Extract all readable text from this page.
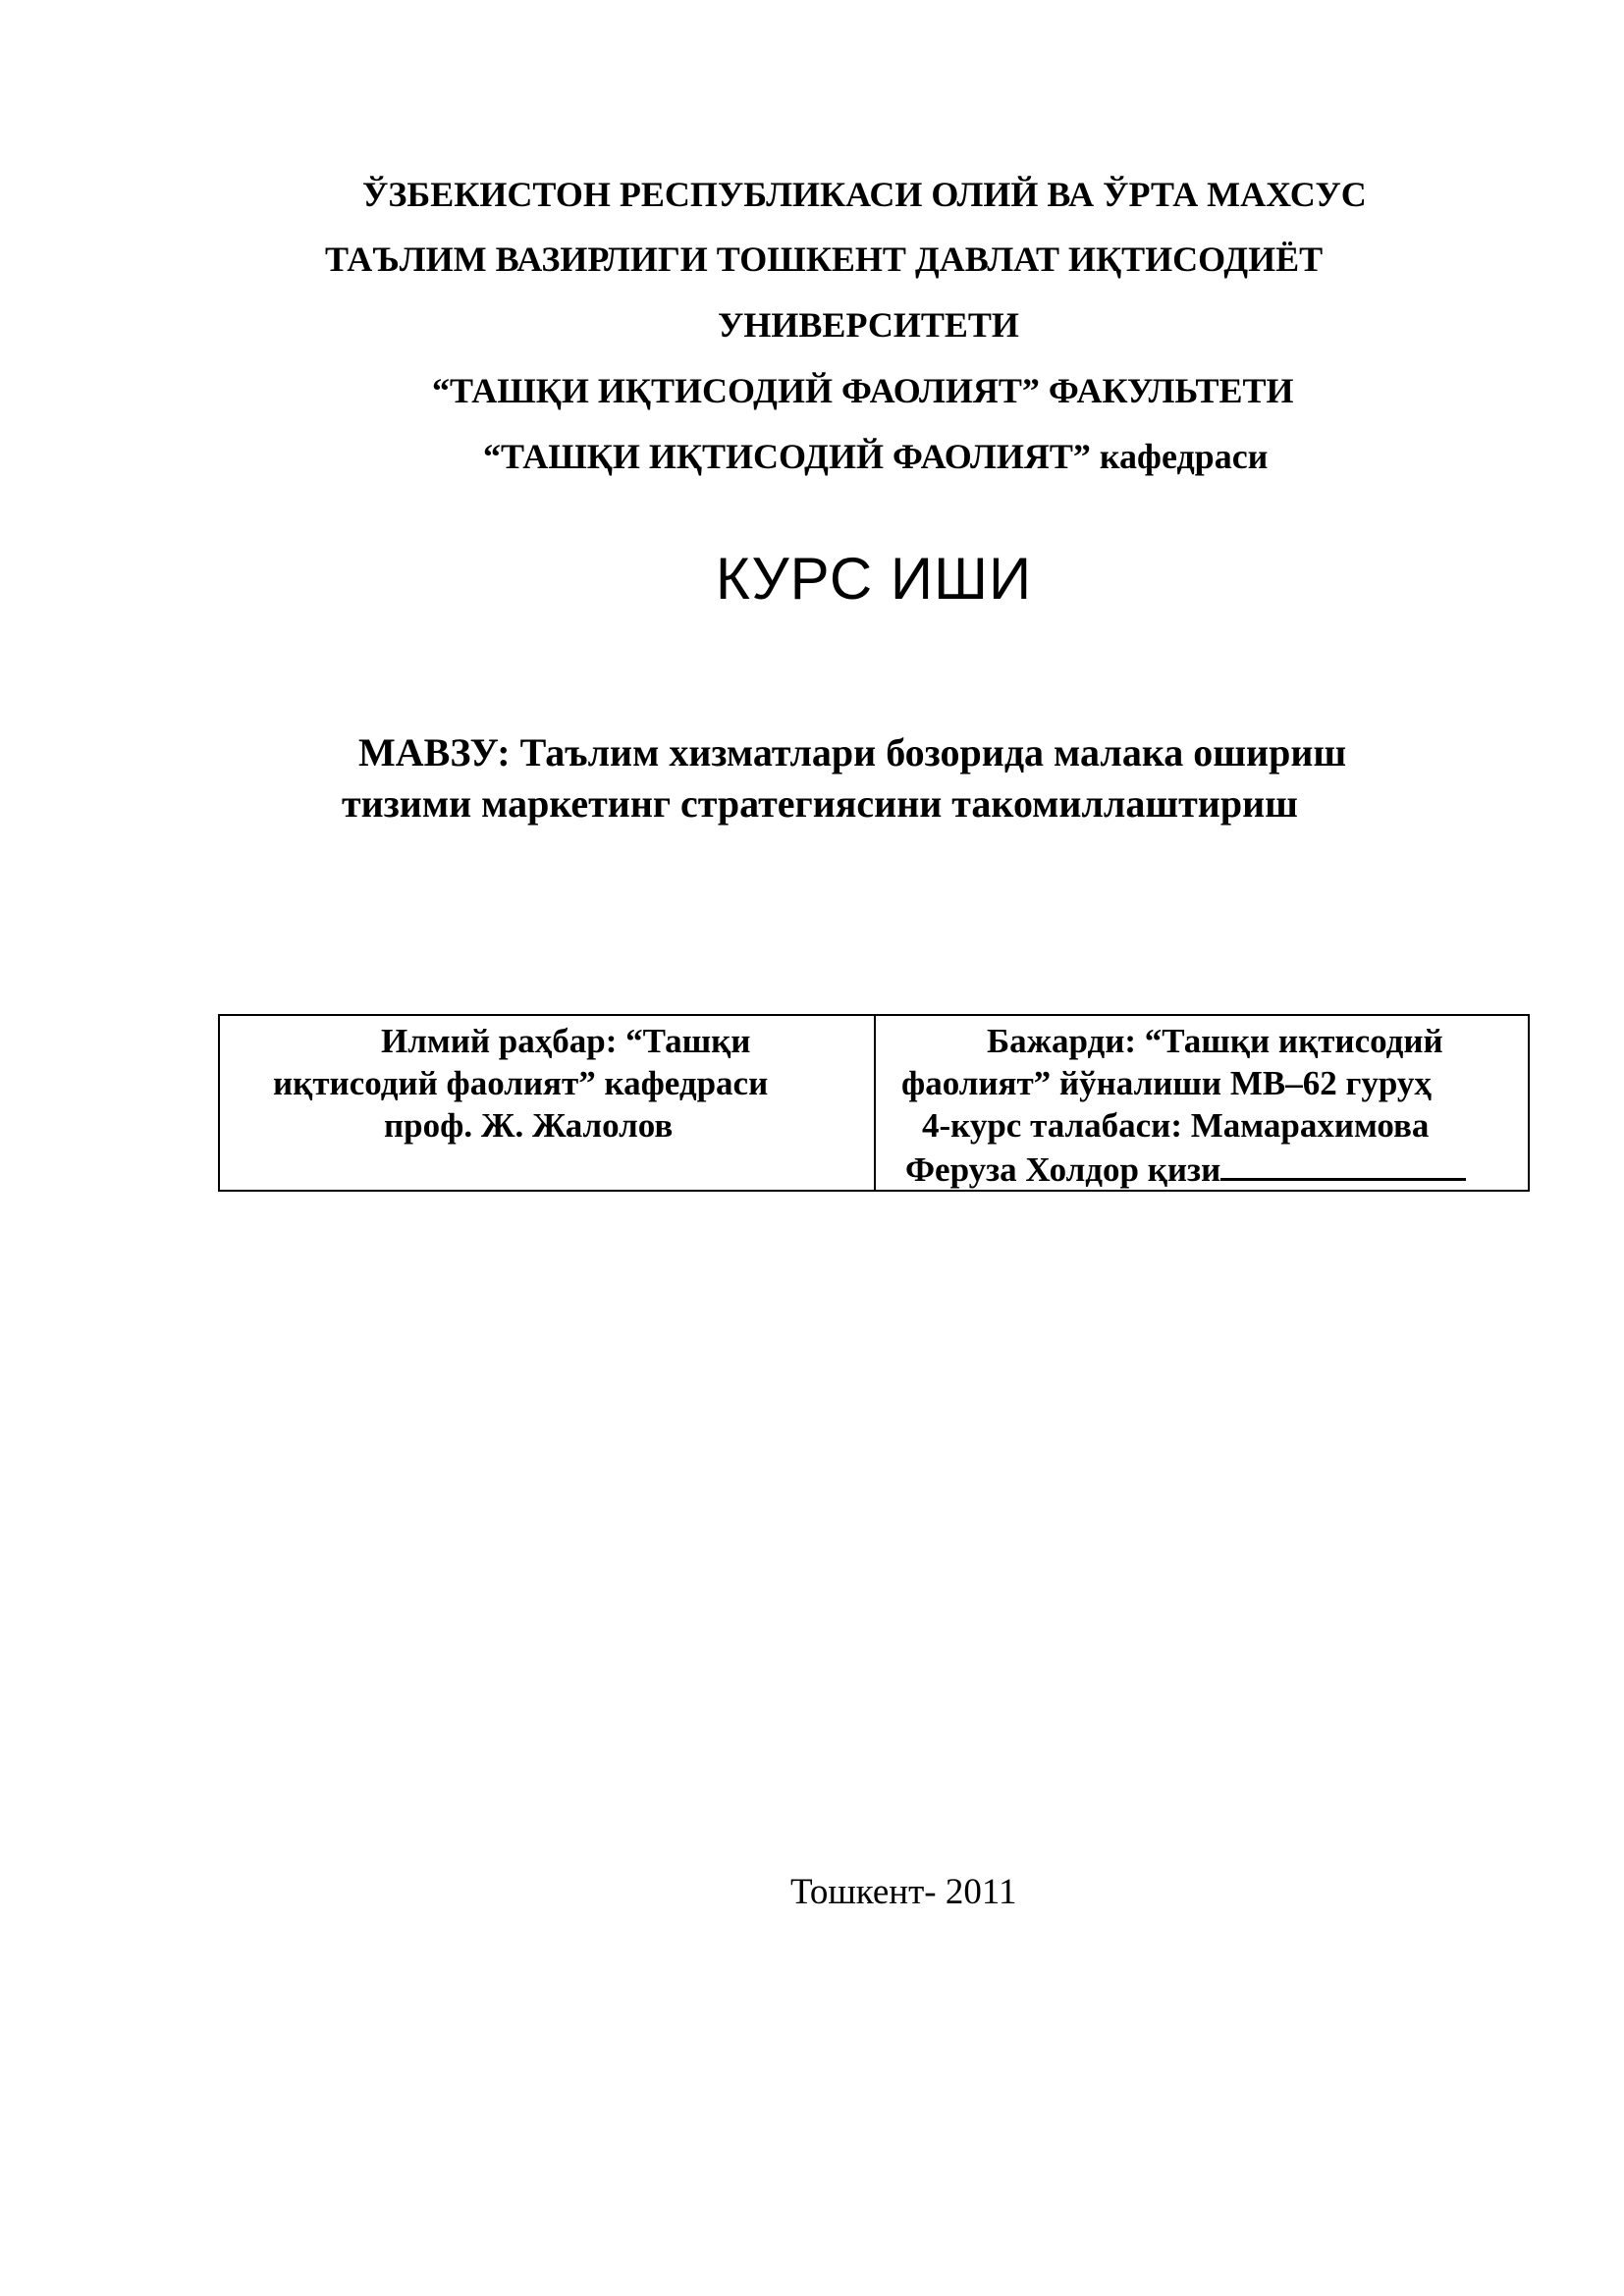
ЎЗБЕКИСТОН РЕСПУБЛИКАСИ ОЛИЙ ВА ЎРТА МАХСУС
ТАЪЛИМ ВАЗИРЛИГИ ТОШКЕНТ ДАВЛАТ ИҚТИСОДИЁТ
УНИВЕРСИТЕТИ
“ТАШҚИ ИҚТИСОДИЙ ФАОЛИЯТ” ФАКУЛЬТЕТИ
“ТАШҚИ ИҚТИСОДИЙ ФАОЛИЯТ” кафедраси
КУРС ИШИ
МАВЗУ: Таълим хизматлари бозорида малака ошириш
тизими маркетинг стратегиясини такомиллаштириш
Илмий раҳбар: “Ташқи
иқтисодий фаолият” кафедраси
проф. Ж. Жалолов
Бажарди: “Ташқи иқтисодий
фаолият” йўналиши MB–62 гуруҳ
4-курс талабаси: Мамарахимова
Феруза Холдор қизи
Тошкент- 2011
